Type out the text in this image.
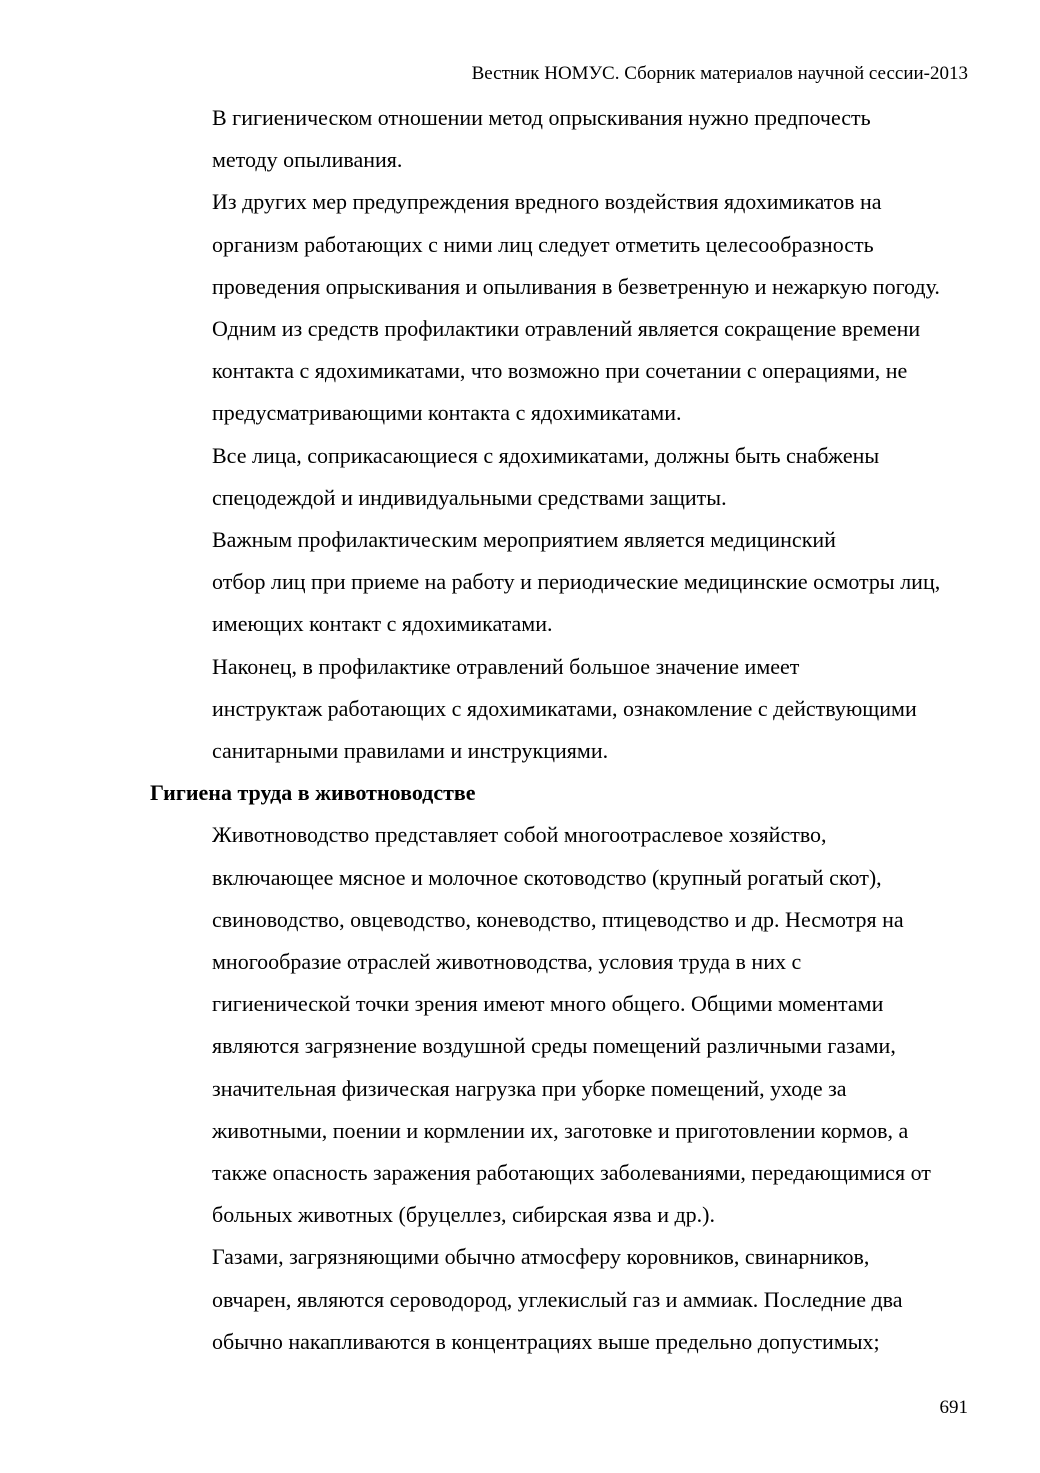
Вестник НОМУС. Сборник материалов научной сессии-2013

В гигиеническом отношении метод опрыскивания нужно предпочесть
методу опыливания.

Из других мер предупреждения вредного воздействия ядохимикатов на
организм работающих с ними лиц следует отметить целесообразность
проведения опрыскивания и опыливания в безветренную и нежаркую погоду.
Одним из средств профилактики отравлений является сокращение времени
контакта с ядохимикатами, что возможно при сочетании с операциями, не
предусматривающими контакта с ядохимикатами.

Все лица, соприкасающиеся с ядохимикатами, должны быть снабжены
спецодеждой и индивидуальными средствами защиты.

Важным профилактическим мероприятием является медицинский
отбор лиц при приеме на работу и периодические медицинские осмотры лиц,
имеющих контакт с ядохимикатами.

Наконец, в профилактике отравлений большое значение имеет
инструктаж работающих с ядохимикатами, ознакомление с действующими
санитарными правилами и инструкциями.

Гигиена труда в животноводстве

Животноводство представляет собой многоотраслевое хозяйство,
включающее мясное и молочное скотоводство (крупный рогатый скот),
свиноводство, овцеводство, коневодство, птицеводство и др. Несмотря на
многообразие отраслей животноводства, условия труда в них с
гигиенической точки зрения имеют много общего. Общими моментами
являются загрязнение воздушной среды помещений различными газами,
значительная физическая нагрузка при уборке помещений, уходе за
животными, поении и кормлении их, заготовке и приготовлении кормов, а
также опасность заражения работающих заболеваниями, передающимися от
больных животных (бруцеллез, сибирская язва и др.).

Газами, загрязняющими обычно атмосферу коровников, свинарников,
овчарен, являются сероводород, углекислый газ и аммиак. Последние два
обычно накапливаются в концентрациях выше предельно допустимых;

691
